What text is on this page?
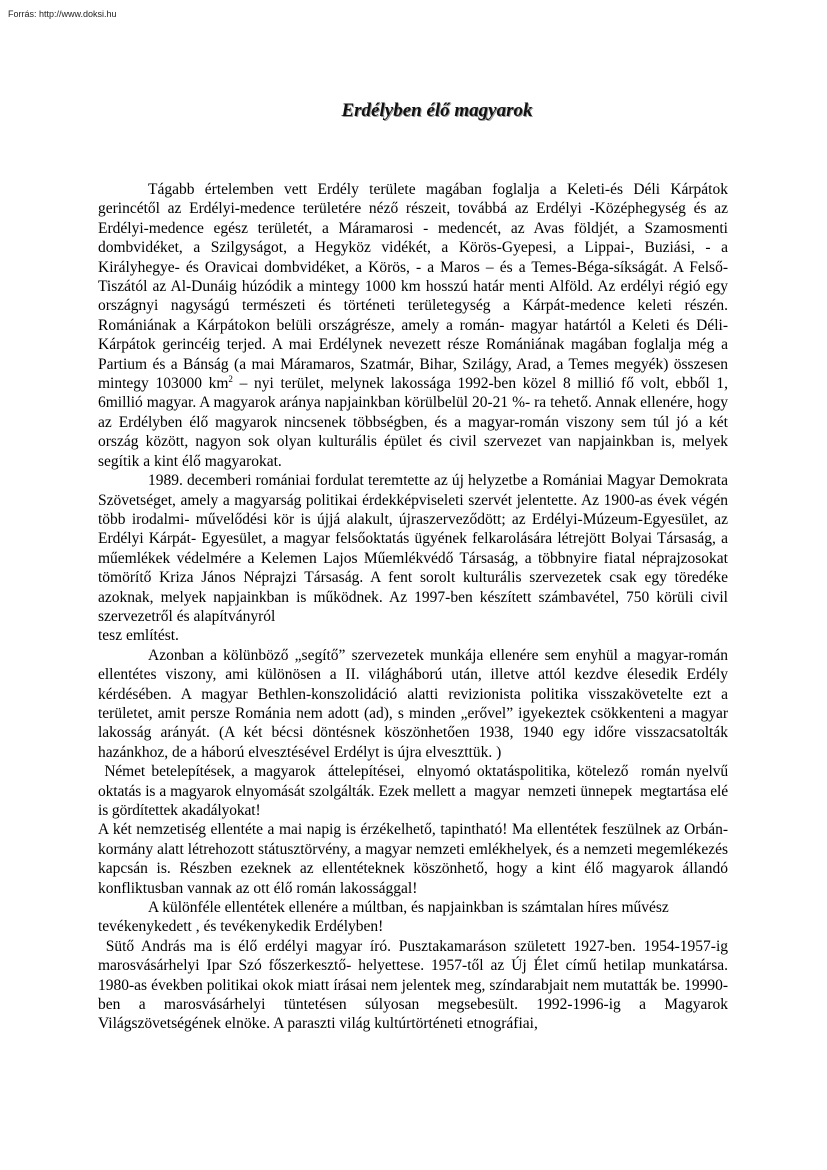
Forrás: http://www.doksi.hu
Erdélyben élő magyarok

Tágabb értelemben vett Erdély területe magában foglalja a Keleti-és Déli Kárpátok gerincétől az Erdélyi-medence területére néző részeit, továbbá az Erdélyi -Középhegység és az Erdélyi-medence egész területét, a Máramarosi - medencét, az Avas földjét, a Szamosmenti dombvidéket, a Szilgyságot, a Hegyköz vidékét, a Körös-Gyepesi, a Lippai-, Buziási, - a Királyhegye- és Oravicai dombvidéket, a Körös, - a Maros – és a Temes-Béga-síkságát. A Felső-Tiszától az Al-Dunáig húzódik a mintegy 1000 km hosszú határ menti Alföld. Az erdélyi régió egy országnyi nagyságú természeti és történeti területegység a Kárpát-medence keleti részén. Romániának a Kárpátokon belüli országrésze, amely a román- magyar határtól a Keleti és Déli-Kárpátok gerincéig terjed. A mai Erdélynek nevezett része Romániának magában foglalja még a Partium és a Bánság (a mai Máramaros, Szatmár, Bihar, Szilágy, Arad, a Temes megyék) összesen mintegy 103000 $km^2$ – nyi terület, melynek lakossága 1992-ben közel 8 millió fő volt, ebből 1, 6millió magyar. A magyarok aránya napjainkban körülbelül 20-21 %- ra tehető. Annak ellenére, hogy az Erdélyben élő magyarok nincsenek többségben, és a magyar-román viszony sem túl jó a két ország között, nagyon sok olyan kulturális épület és civil szervezet van napjainkban is, melyek segítik a kint élő magyarokat.

1989. decemberi romániai fordulat teremtette az új helyzetbe a Romániai Magyar Demokrata Szövetséget, amely a magyarság politikai érdekképviseleti szervét jelentette. Az 1900-as évek végén több irodalmi- művelődési kör is újjá alakult, újraszerveződött; az Erdélyi-Múzeum-Egyesület, az Erdélyi Kárpát- Egyesület, a magyar felsőoktatás ügyének felkarolására létrejött Bolyai Társaság, a műemlékek védelmére a Kelemen Lajos Műemlékvédő Társaság, a többnyire fiatal néprajzosokat tömörítő Kriza János Néprajzi Társaság. A fent sorolt kulturális szervezetek csak egy töredéke azoknak, melyek napjainkban is működnek. Az 1997-ben készített számbavétel, 750 körüli civil szervezetről és alapítványról

tesz említést.

Azonban a kölünböző „segítő” szervezetek munkája ellenére sem enyhül a magyar-román ellentétes viszony, ami különösen a II. világháború után, illetve attól kezdve élesedik Erdély kérdésében. A magyar Bethlen-konszolidáció alatti revizionista politika visszakövetelte ezt a területet, amit persze Románia nem adott (ad), s minden „erővel” igyekeztek csökkenteni a magyar lakosság arányát. (A két bécsi döntésnek köszönhetően 1938, 1940 egy időre visszacsatolták hazánkhoz, de a háború elvesztésével Erdélyt is újra elveszttük. )

Német betelepítések, a magyarok  áttelepítései,  elnyomó oktatáspolitika, kötelező  román nyelvű oktatás is a magyarok elnyomását szolgálták. Ezek mellett a  magyar  nemzeti ünnepek  megtartása elé is gördítettek akadályokat!

A két nemzetiség ellentéte a mai napig is érzékelhető, tapintható! Ma ellentétek feszülnek az Orbán-kormány alatt létrehozott státusztörvény, a magyar nemzeti emlékhelyek, és a nemzeti megemlékezés kapcsán is. Részben ezeknek az ellentéteknek köszönhető, hogy a kint élő magyarok állandó konfliktusban vannak az ott élő román lakossággal!

A különféle ellentétek ellenére a múltban, és napjainkban is számtalan híres művész tevékenykedett , és tevékenykedik Erdélyben!

Sütő András ma is élő erdélyi magyar író. Pusztakamaráson született 1927-ben. 1954-1957-ig marosvásárhelyi Ipar Szó főszerkesztő- helyettese. 1957-től az Új Élet című hetilap munkatársa. 1980-as években politikai okok miatt írásai nem jelentek meg, színdarabjait nem mutatták be. 19990-ben a marosvásárhelyi tüntetésen súlyosan megsebesült. 1992-1996-ig a Magyarok Világszövetségének elnöke. A paraszti világ kultúrtörténeti etnográfiai,
